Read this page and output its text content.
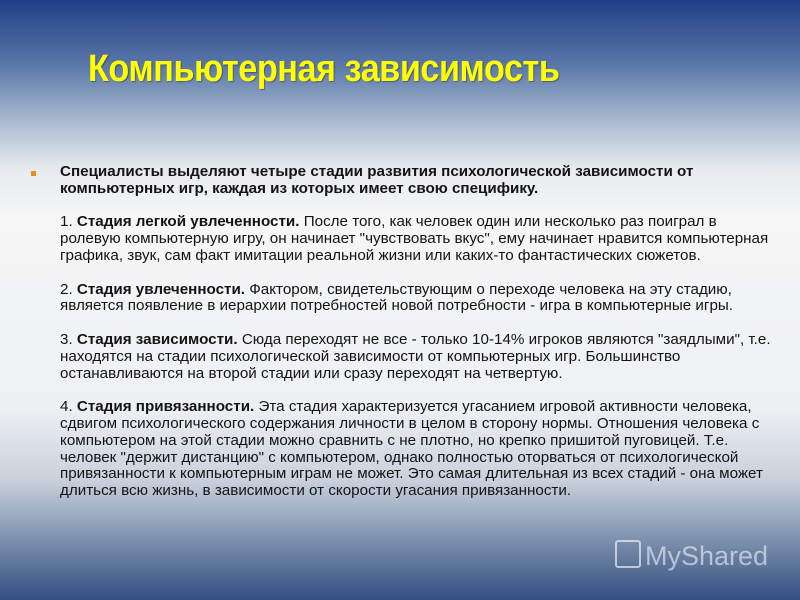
Компьютерная зависимость

Специалисты выделяют четыре стадии развития психологической зависимости от компьютерных игр, каждая из которых имеет свою специфику.

1. Стадия легкой увлеченности. После того, как человек один или несколько раз поиграл в ролевую компьютерную игру, он начинает "чувствовать вкус", ему начинает нравится компьютерная графика, звук, сам факт имитации реальной жизни или каких-то фантастических сюжетов.

2. Стадия увлеченности. Фактором, свидетельствующим о переходе человека на эту стадию, является появление в иерархии потребностей новой потребности - игра в компьютерные игры.

3. Стадия зависимости. Сюда переходят не все - только 10-14% игроков являются "заядлыми", т.е. находятся на стадии психологической зависимости от компьютерных игр. Большинство останавливаются на второй стадии или сразу переходят на четвертую.

4. Стадия привязанности. Эта стадия характеризуется угасанием игровой активности человека, сдвигом психологического содержания личности в целом в сторону нормы. Отношения человека с компьютером на этой стадии можно сравнить с не плотно, но крепко пришитой пуговицей. Т.е. человек "держит дистанцию" с компьютером, однако полностью оторваться от психологической привязанности к компьютерным играм не может. Это самая длительная из всех стадий - она может длиться всю жизнь, в зависимости от скорости угасания привязанности.

MyShared
